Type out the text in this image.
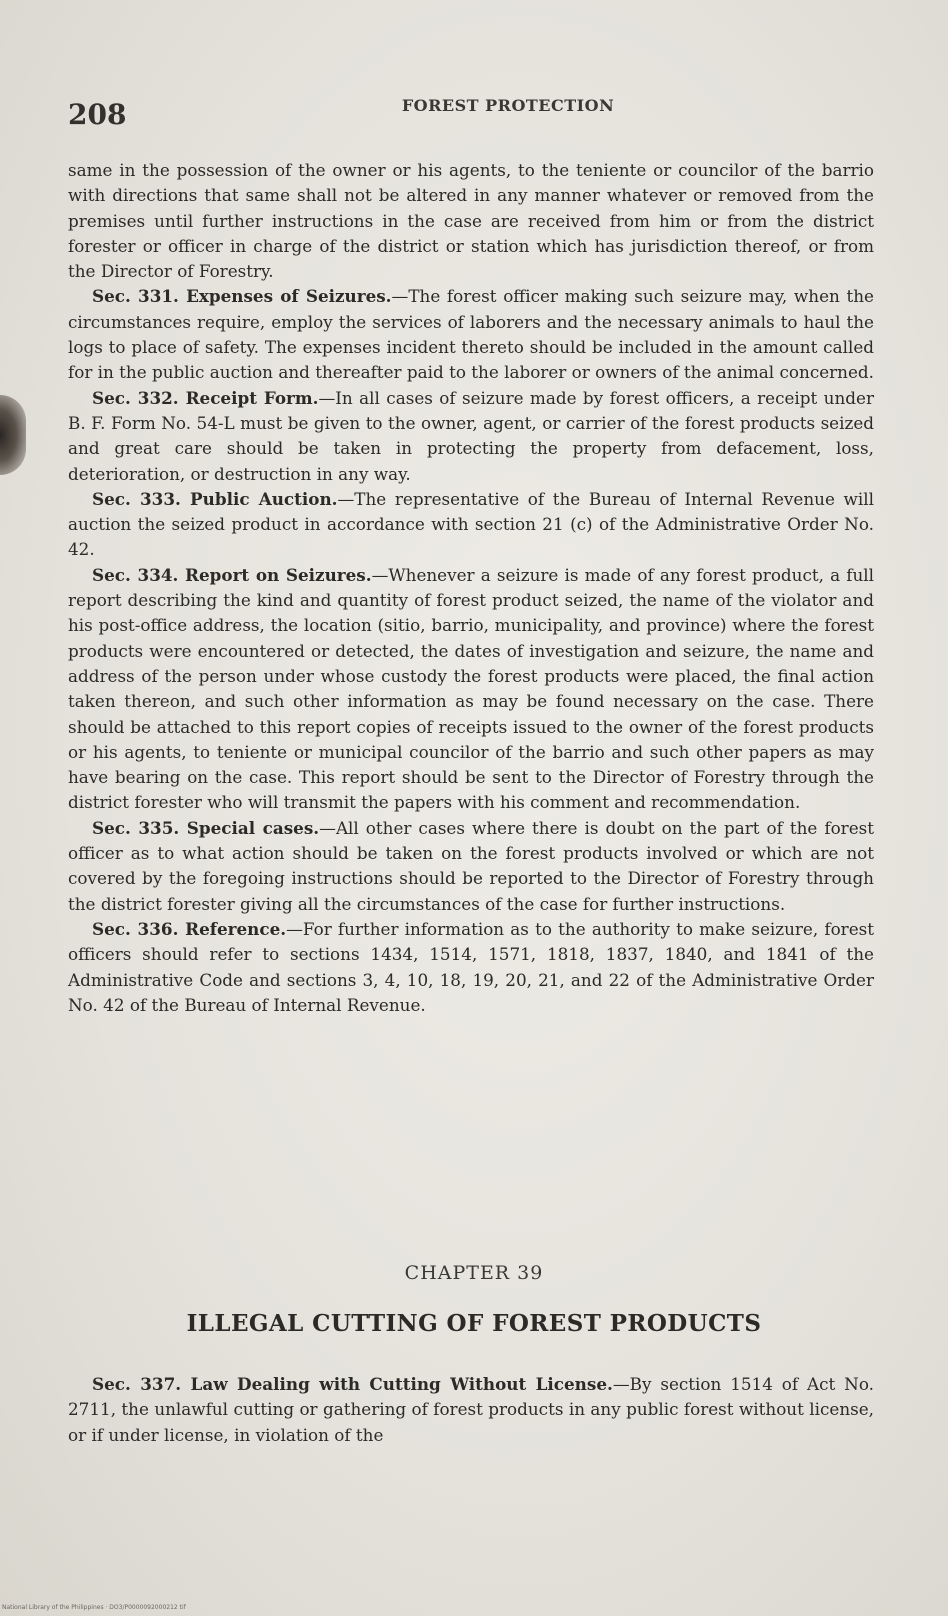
208	FOREST PROTECTION

same in the possession of the owner or his agents, to the teniente or councilor of the barrio with directions that same shall not be altered in any manner whatever or removed from the premises until further instructions in the case are received from him or from the district forester or officer in charge of the district or station which has jurisdiction thereof, or from the Director of Forestry.

Sec. 331. Expenses of Seizures.—The forest officer making such seizure may, when the circumstances require, employ the services of laborers and the necessary animals to haul the logs to place of safety. The expenses incident thereto should be included in the amount called for in the public auction and thereafter paid to the laborer or owners of the animal concerned.

Sec. 332. Receipt Form.—In all cases of seizure made by forest officers, a receipt under B. F. Form No. 54-L must be given to the owner, agent, or carrier of the forest products seized and great care should be taken in protecting the property from defacement, loss, deterioration, or destruction in any way.

Sec. 333. Public Auction.—The representative of the Bureau of Internal Revenue will auction the seized product in accordance with section 21 (c) of the Administrative Order No. 42.

Sec. 334. Report on Seizures.—Whenever a seizure is made of any forest product, a full report describing the kind and quantity of forest product seized, the name of the violator and his post-office address, the location (sitio, barrio, municipality, and province) where the forest products were encountered or detected, the dates of investigation and seizure, the name and address of the person under whose custody the forest products were placed, the final action taken thereon, and such other information as may be found necessary on the case. There should be attached to this report copies of receipts issued to the owner of the forest products or his agents, to teniente or municipal councilor of the barrio and such other papers as may have bearing on the case. This report should be sent to the Director of Forestry through the district forester who will transmit the papers with his comment and recommendation.

Sec. 335. Special cases.—All other cases where there is doubt on the part of the forest officer as to what action should be taken on the forest products involved or which are not covered by the foregoing instructions should be reported to the Director of Forestry through the district forester giving all the circumstances of the case for further instructions.

Sec. 336. Reference.—For further information as to the authority to make seizure, forest officers should refer to sections 1434, 1514, 1571, 1818, 1837, 1840, and 1841 of the Administrative Code and sections 3, 4, 10, 18, 19, 20, 21, and 22 of the Administrative Order No. 42 of the Bureau of Internal Revenue.

CHAPTER 39
ILLEGAL CUTTING OF FOREST PRODUCTS

Sec. 337. Law Dealing with Cutting Without License.—By section 1514 of Act No. 2711, the unlawful cutting or gathering of forest products in any public forest without license, or if under license, in violation of the

National Library of the Philippines · DO3/P0000092000212 tif
